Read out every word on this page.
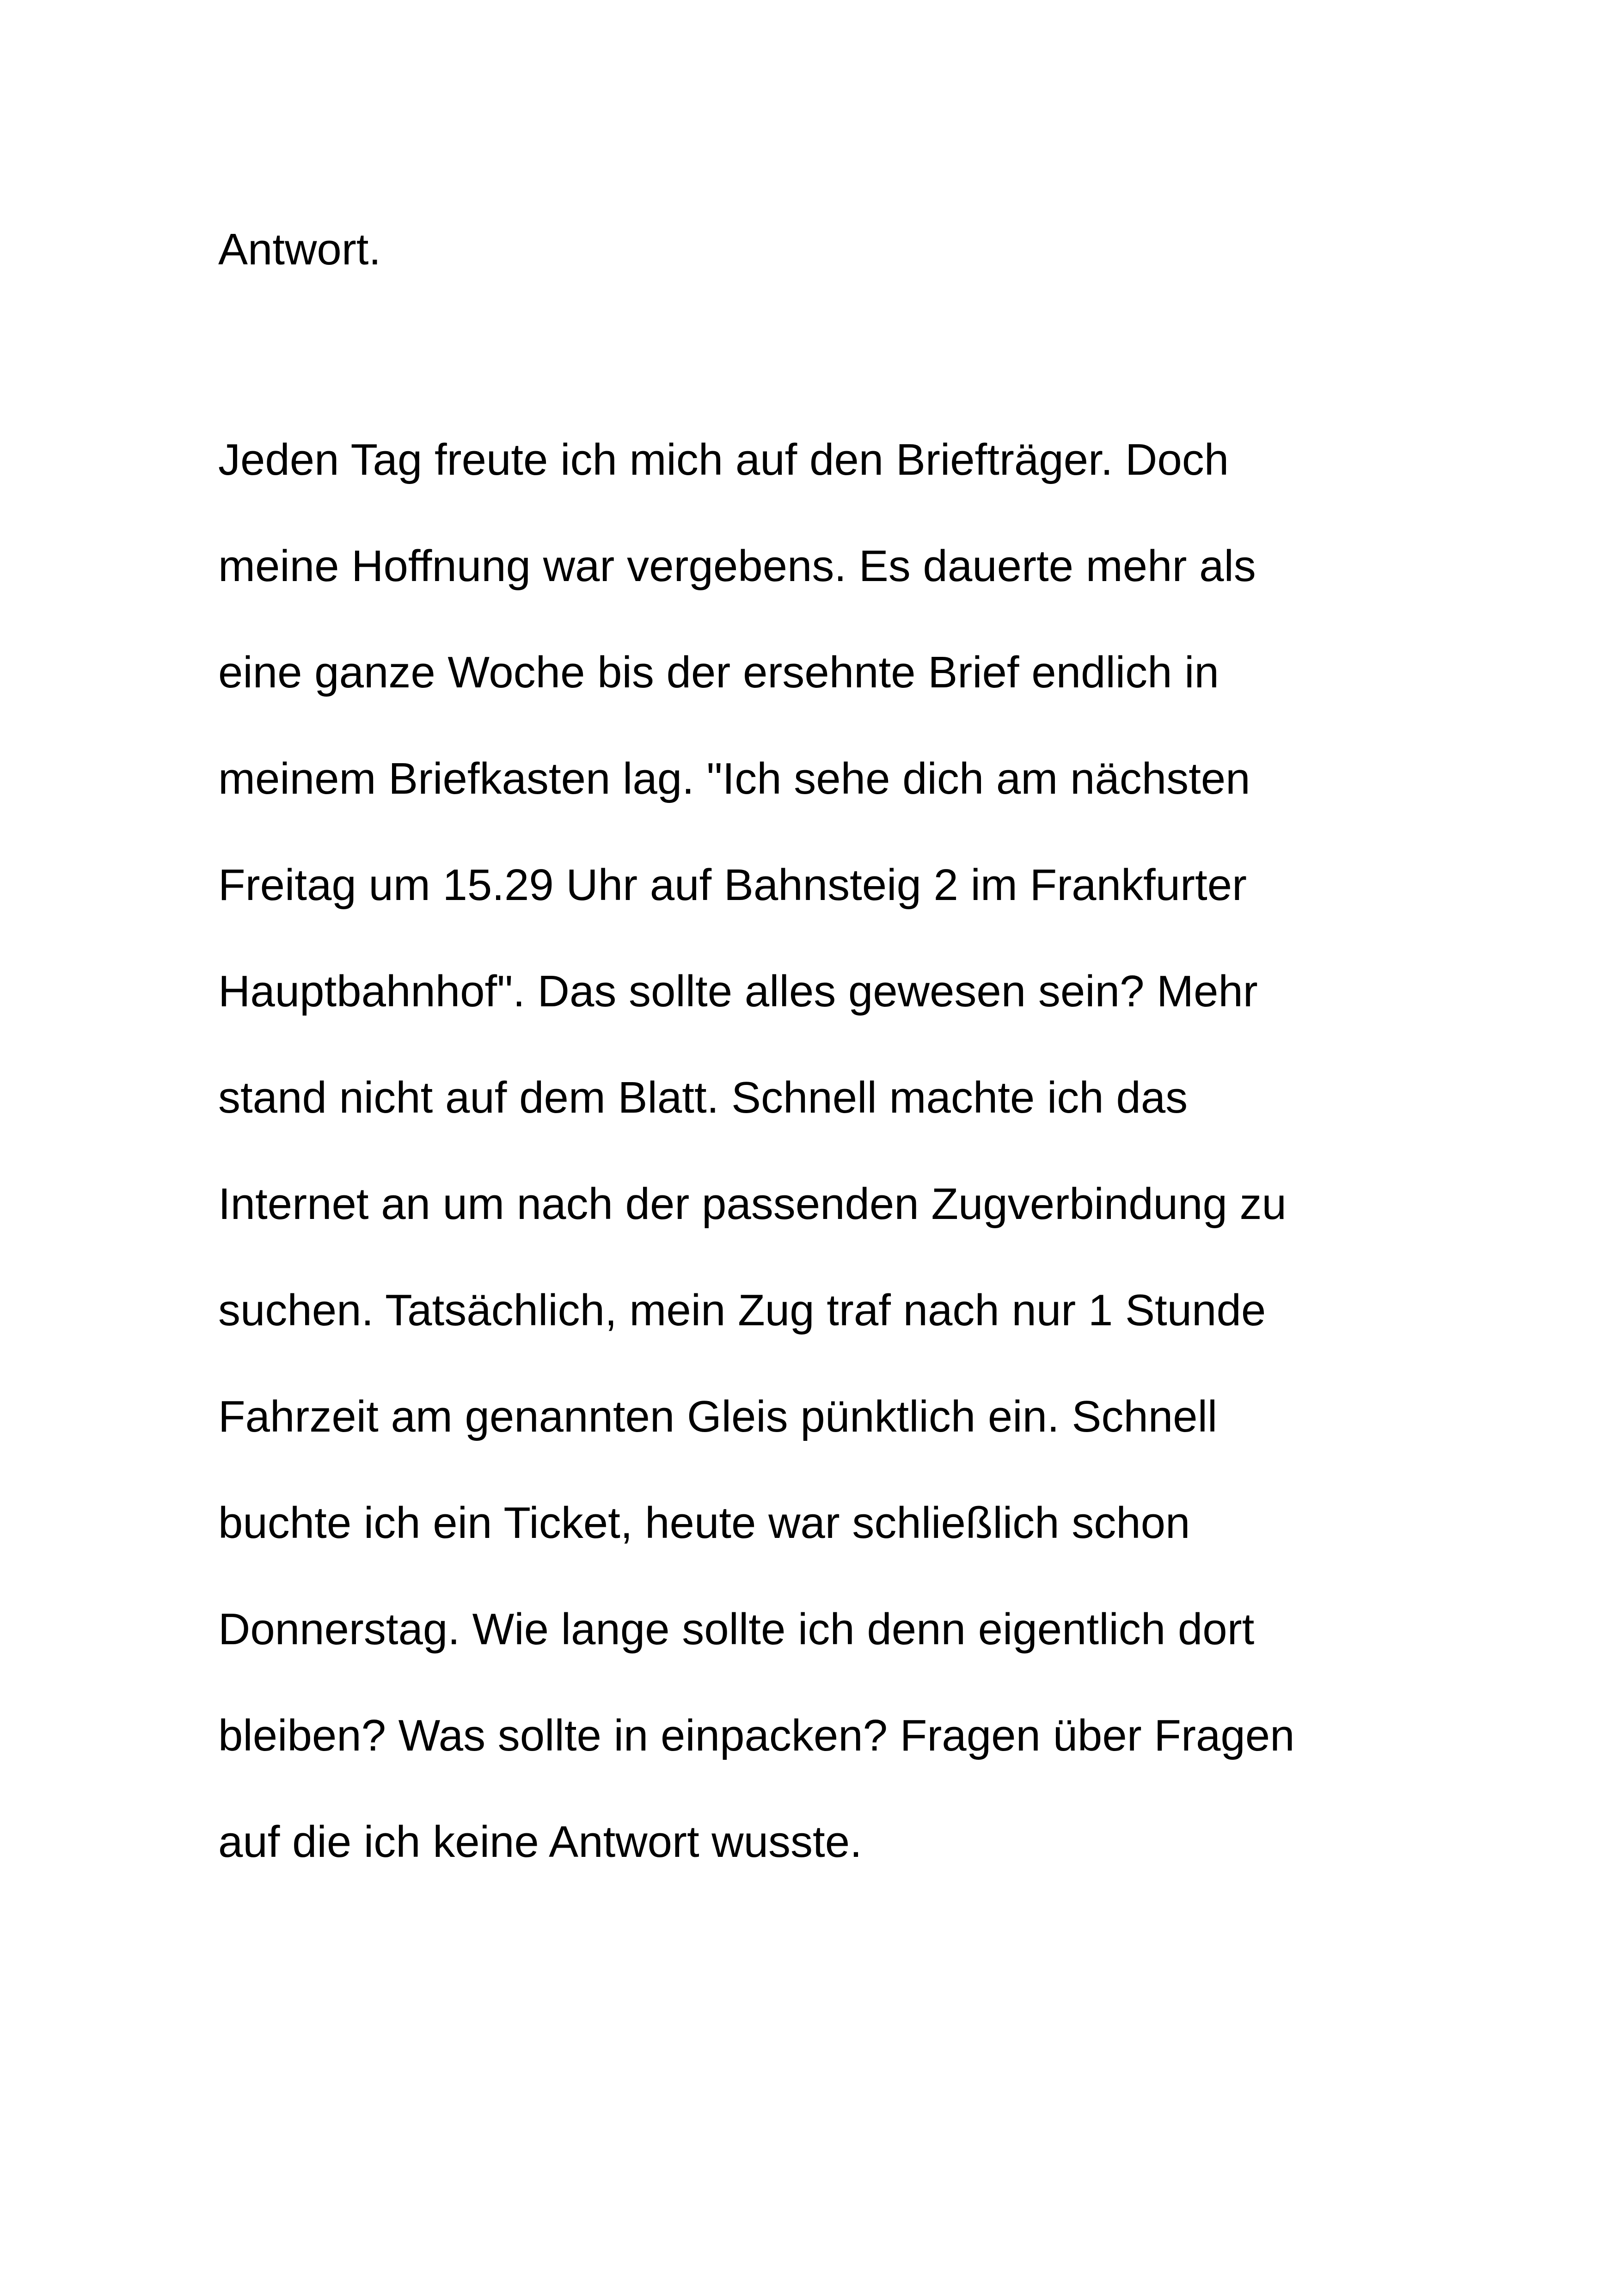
Antwort.

Jeden Tag freute ich mich auf den Briefträger. Doch

meine Hoffnung war vergebens. Es dauerte mehr als

eine ganze Woche bis der ersehnte Brief endlich in

meinem Briefkasten lag. "Ich sehe dich am nächsten

Freitag um 15.29 Uhr auf Bahnsteig 2 im Frankfurter

Hauptbahnhof". Das sollte alles gewesen sein? Mehr

stand nicht auf dem Blatt. Schnell machte ich das

Internet an um nach der passenden Zugverbindung zu

suchen. Tatsächlich, mein Zug traf nach nur 1 Stunde

Fahrzeit am genannten Gleis pünktlich ein. Schnell

buchte ich ein Ticket, heute war schließlich schon

Donnerstag. Wie lange sollte ich denn eigentlich dort

bleiben? Was sollte in einpacken? Fragen über Fragen

auf die ich keine Antwort wusste.
